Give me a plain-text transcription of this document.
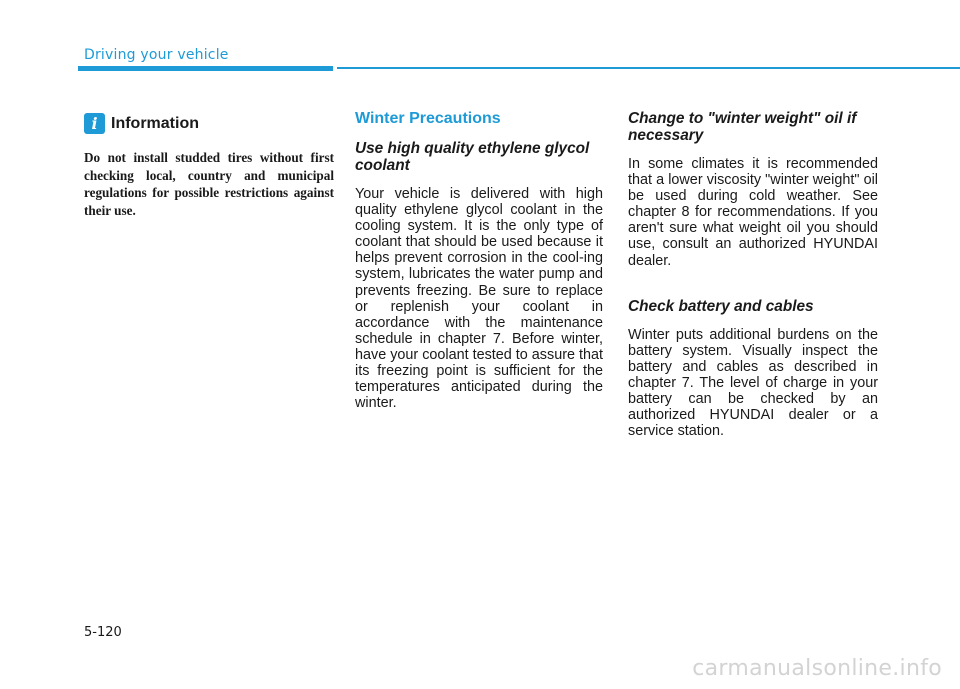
Driving your vehicle
i Information

Do not install studded tires without first checking local, country and municipal regulations for possible restrictions against their use.

Winter Precautions
Use high quality ethylene glycol coolant

Your vehicle is delivered with high quality ethylene glycol coolant in the cooling system. It is the only type of coolant that should be used because it helps prevent corrosion in the cool-ing system, lubricates the water pump and prevents freezing. Be sure to replace or replenish your coolant in accordance with the maintenance schedule in chapter 7. Before winter, have your coolant tested to assure that its freezing point is sufficient for the temperatures anticipated during the winter.

Change to "winter weight" oil if necessary

In some climates it is recommended that a lower viscosity "winter weight" oil be used during cold weather. See chapter 8 for recommendations. If you aren't sure what weight oil you should use, consult an authorized HYUNDAI dealer.

Check battery and cables

Winter puts additional burdens on the battery system. Visually inspect the battery and cables as described in chapter 7. The level of charge in your battery can be checked by an authorized HYUNDAI dealer or a service station.

5-120

carmanualsonline.info
